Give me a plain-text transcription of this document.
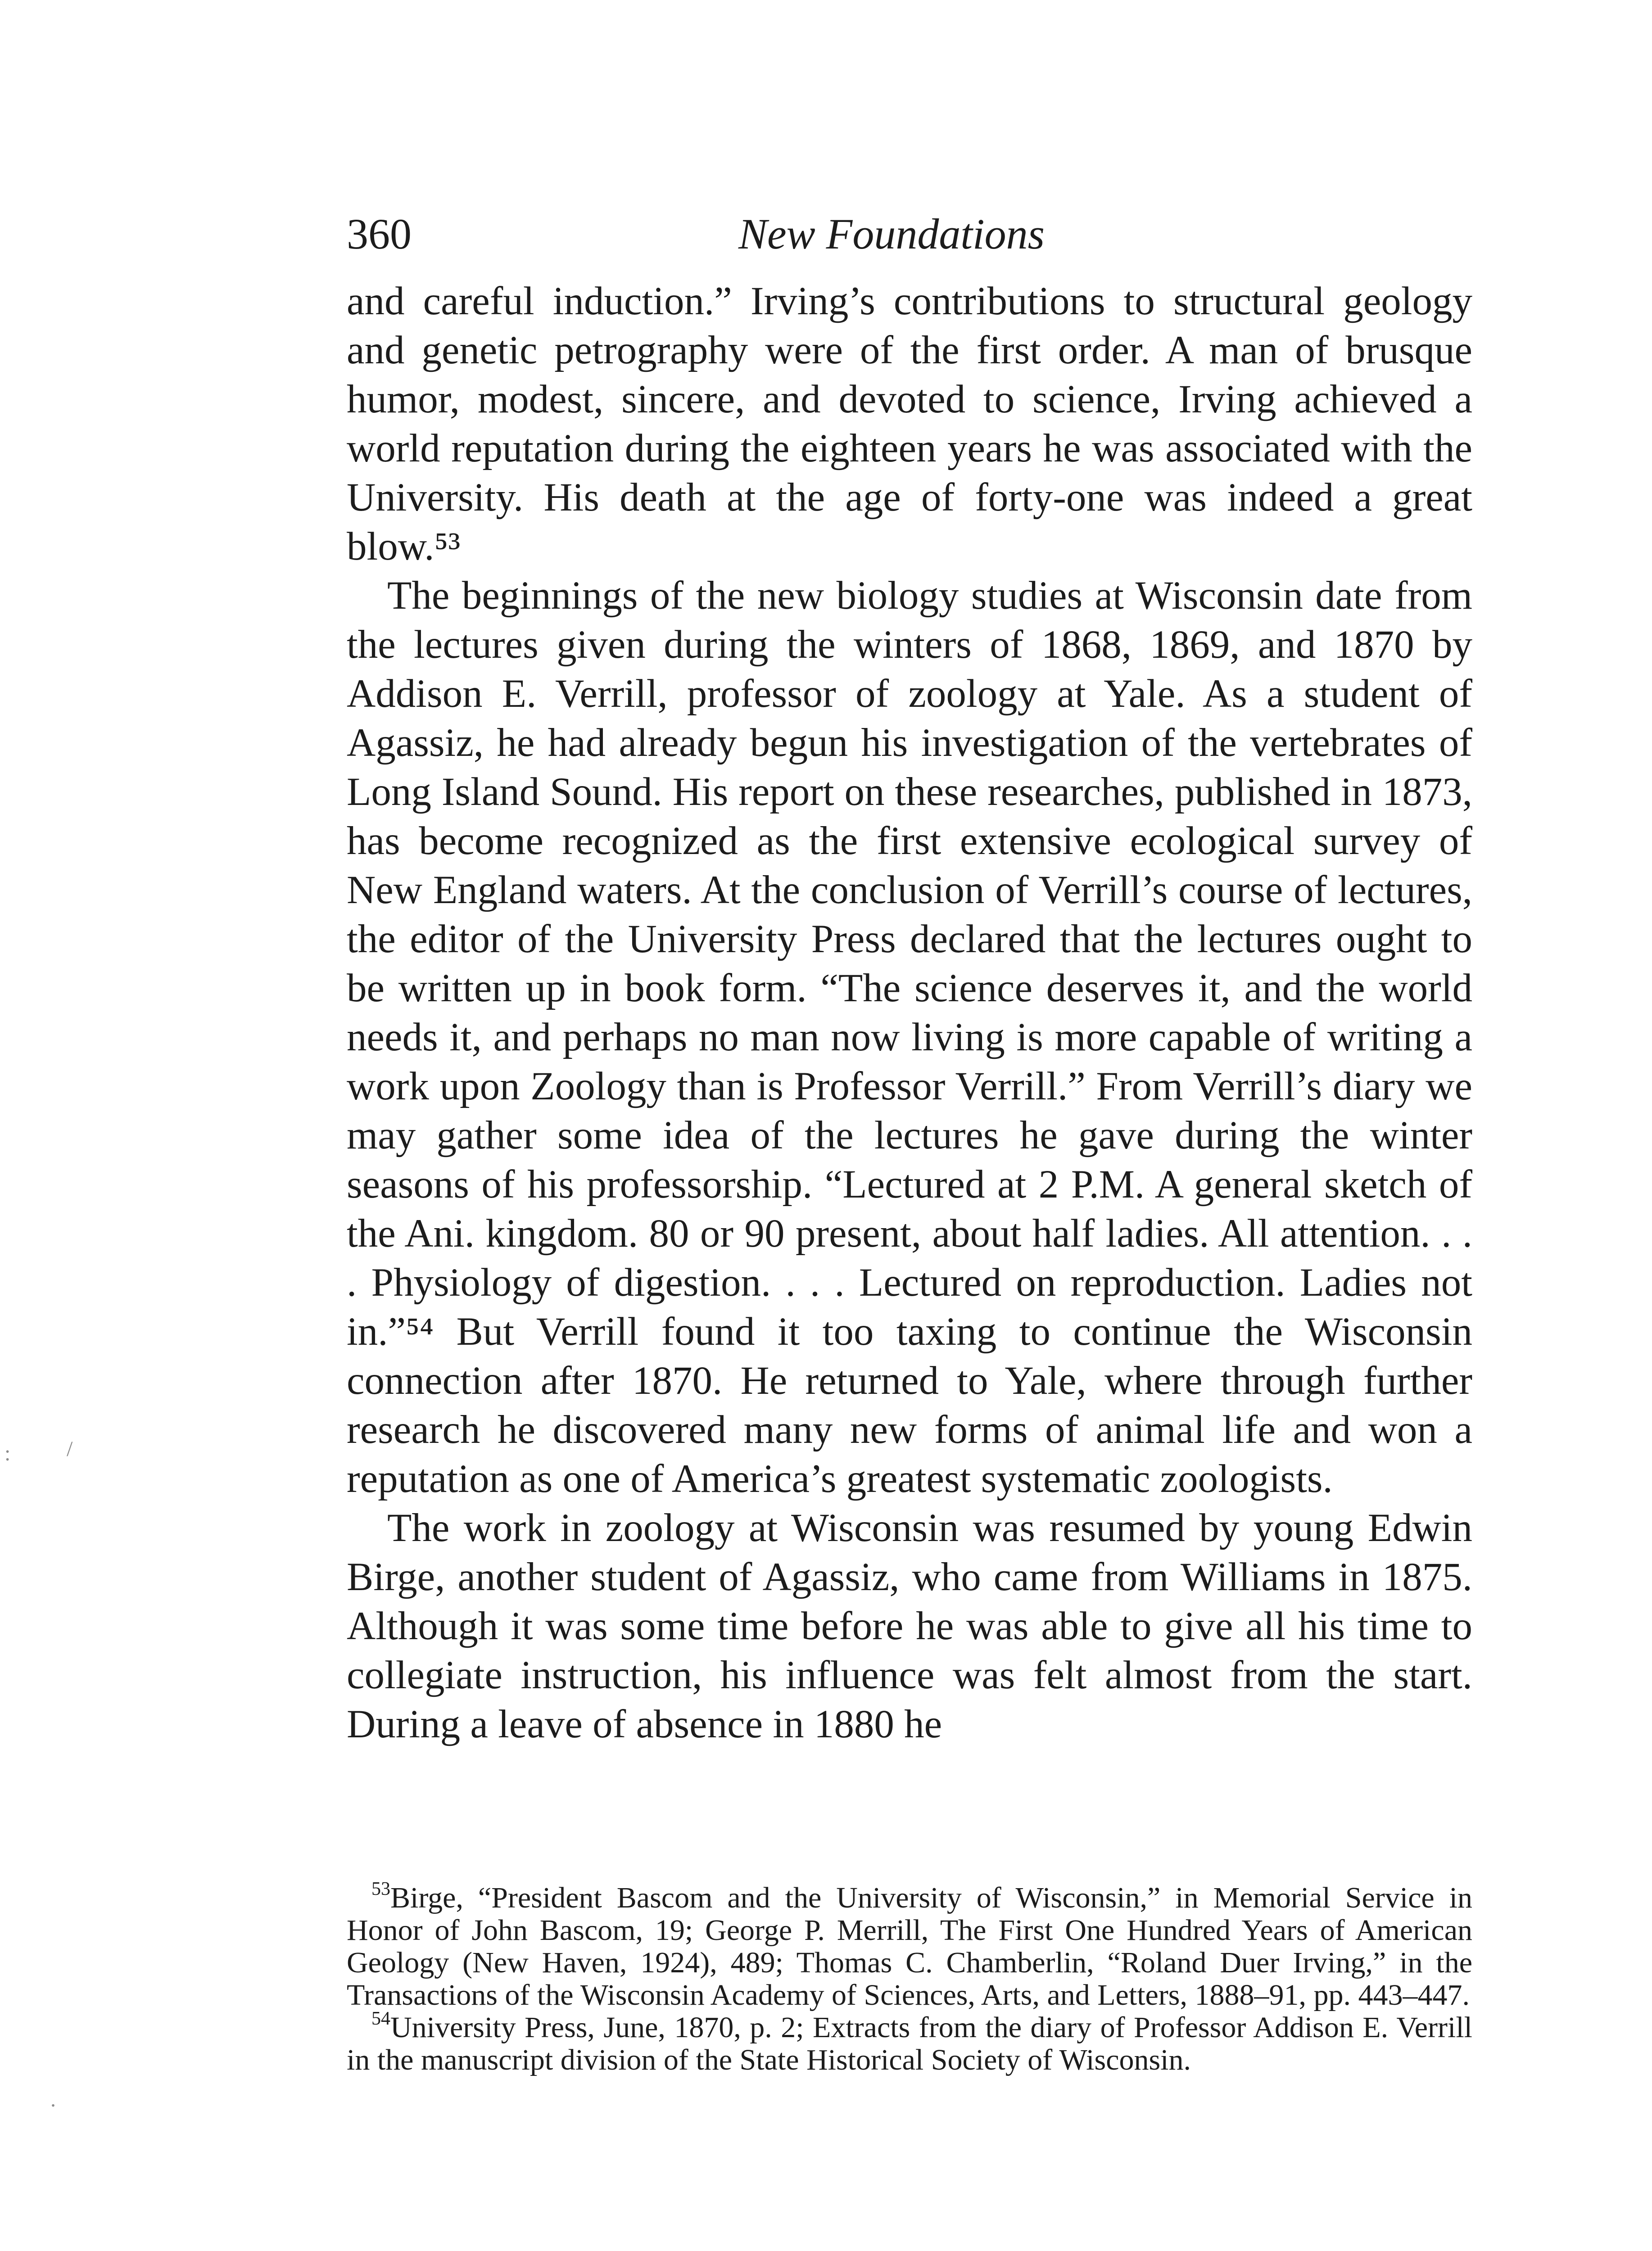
360	New Foundations

and careful induction.” Irving’s contributions to structural geology and genetic petrography were of the first order. A man of brusque humor, modest, sincere, and devoted to science, Irving achieved a world reputation during the eighteen years he was associated with the University. His death at the age of forty-one was indeed a great blow.⁵³

The beginnings of the new biology studies at Wisconsin date from the lectures given during the winters of 1868, 1869, and 1870 by Addison E. Verrill, professor of zoology at Yale. As a student of Agassiz, he had already begun his investigation of the vertebrates of Long Island Sound. His report on these researches, published in 1873, has become recognized as the first extensive ecological survey of New England waters. At the conclusion of Verrill’s course of lectures, the editor of the University Press declared that the lectures ought to be written up in book form. “The science deserves it, and the world needs it, and perhaps no man now living is more capable of writing a work upon Zoology than is Professor Verrill.” From Verrill’s diary we may gather some idea of the lectures he gave during the winter seasons of his professorship. “Lectured at 2 P.M. A general sketch of the Ani. kingdom. 80 or 90 present, about half ladies. All attention. . . . Physiology of digestion. . . . Lectured on reproduction. Ladies not in.”⁵⁴ But Verrill found it too taxing to continue the Wisconsin connection after 1870. He returned to Yale, where through further research he discovered many new forms of animal life and won a reputation as one of America’s greatest systematic zoologists.

The work in zoology at Wisconsin was resumed by young Edwin Birge, another student of Agassiz, who came from Williams in 1875. Although it was some time before he was able to give all his time to collegiate instruction, his influence was felt almost from the start. During a leave of absence in 1880 he

$^{53}$Birge, “President Bascom and the University of Wisconsin,” in Memorial Service in Honor of John Bascom, 19; George P. Merrill, The First One Hundred Years of American Geology (New Haven, 1924), 489; Thomas C. Chamberlin, “Roland Duer Irving,” in the Transactions of the Wisconsin Academy of Sciences, Arts, and Letters, 1888–91, pp. 443–447.

$^{54}$University Press, June, 1870, p. 2; Extracts from the diary of Professor Addison E. Verrill in the manuscript division of the State Historical Society of Wisconsin.

:	/
.
